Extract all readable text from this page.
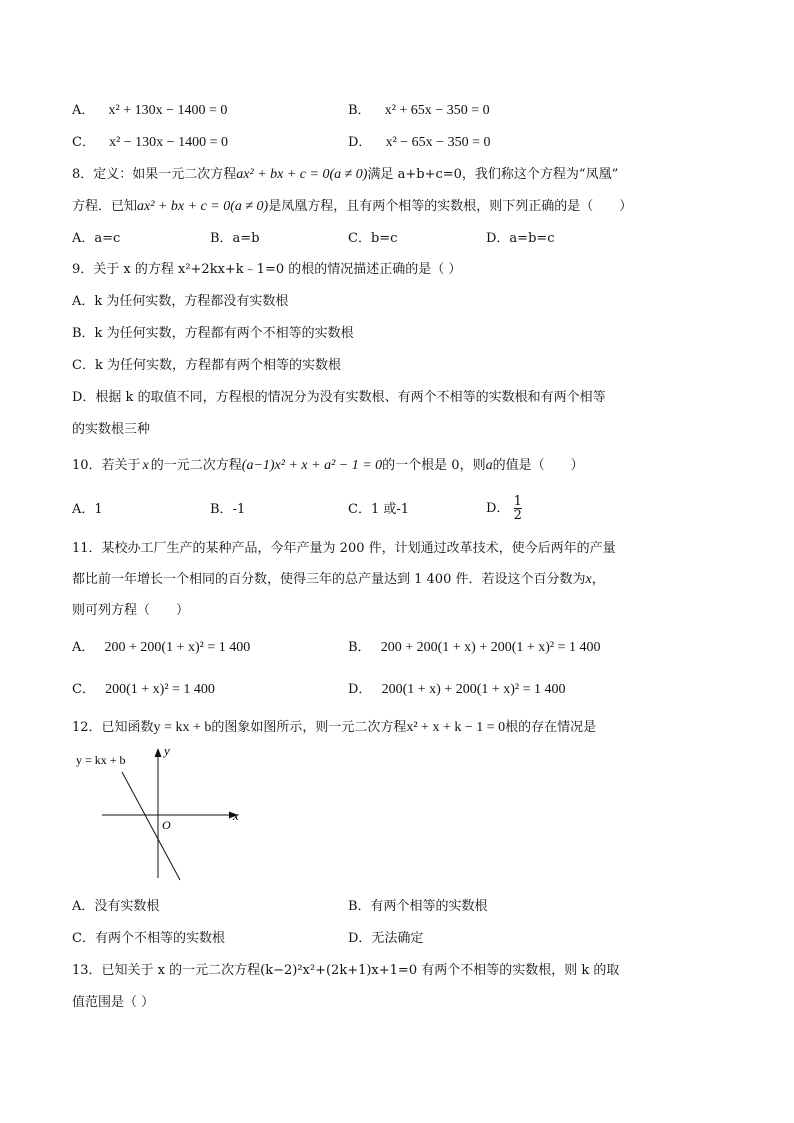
A． x² + 130x − 1400 = 0	B． x² + 65x − 350 = 0
C． x² − 130x − 1400 = 0	D． x² − 65x − 350 = 0
8．定义：如果一元二次方程ax² + bx + c = 0(a ≠ 0)满足 a+b+c=0，我们称这个方程为“凤凰”
方程．已知ax² + bx + c = 0(a ≠ 0)是凤凰方程，且有两个相等的实数根，则下列正确的是（　　）
A．a=c	B．a=b	C．b=c	D．a=b=c
9．关于 x 的方程 x²+2kx+k﹣1=0 的根的情况描述正确的是（ ）
A．k 为任何实数，方程都没有实数根
B．k 为任何实数，方程都有两个不相等的实数根
C．k 为任何实数，方程都有两个相等的实数根
D．根据 k 的取值不同，方程根的情况分为没有实数根、有两个不相等的实数根和有两个相等
的实数根三种
10．若关于 x 的一元二次方程(a−1)x² + x + a² − 1 = 0的一个根是 0，则a的值是（　　）
A．1	B．-1	C．1 或-1	D． $\frac{1}{2}$
11．某校办工厂生产的某种产品，今年产量为 200 件，计划通过改革技术，使今后两年的产量
都比前一年增长一个相同的百分数，使得三年的总产量达到 1 400 件．若设这个百分数为x，
则可列方程（　　）
A． 200 + 200(1 + x)² = 1 400	B． 200 + 200(1 + x) + 200(1 + x)² = 1 400
C． 200(1 + x)² = 1 400	D． 200(1 + x) + 200(1 + x)² = 1 400
12．已知函数y = kx + b的图象如图所示，则一元二次方程x² + x + k − 1 = 0根的存在情况是
x
y
O
y = kx + b
A．没有实数根	B．有两个相等的实数根
C．有两个不相等的实数根	D．无法确定
13．已知关于 x 的一元二次方程(k−2)²x²+(2k+1)x+1=0 有两个不相等的实数根，则 k 的取
值范围是（ ）
